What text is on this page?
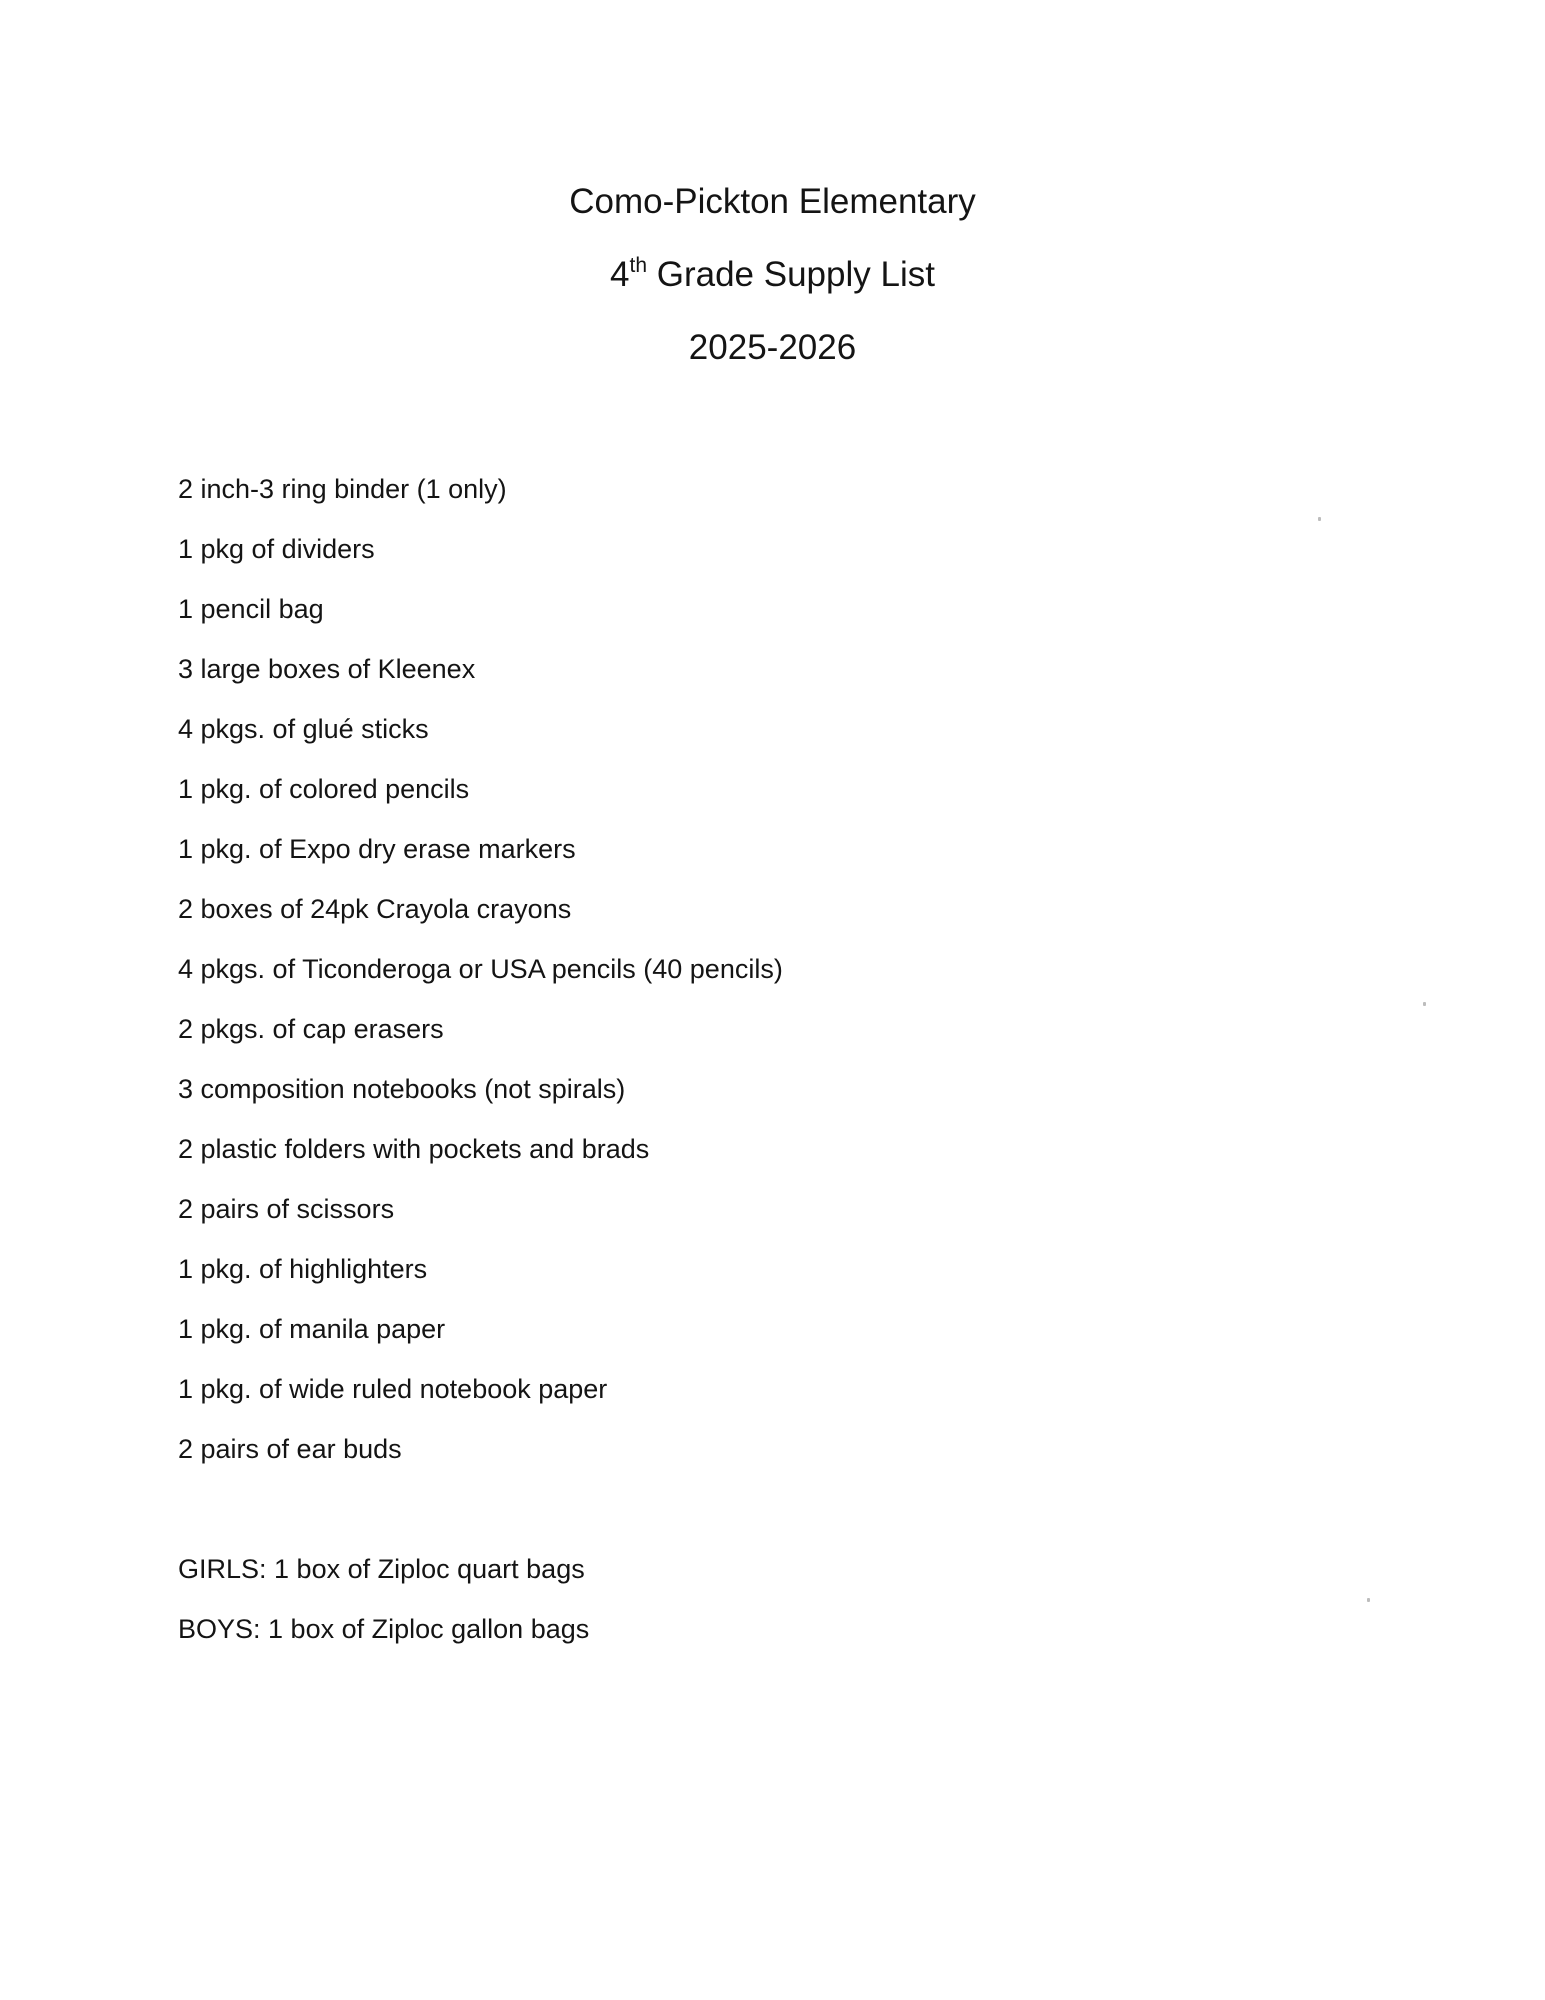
Como-Pickton Elementary
4th Grade Supply List
2025-2026
2 inch-3 ring binder (1 only)
1 pkg of dividers
1 pencil bag
3 large boxes of Kleenex
4 pkgs. of glué sticks
1 pkg. of colored pencils
1 pkg. of Expo dry erase markers
2 boxes of 24pk Crayola crayons
4 pkgs. of Ticonderoga or USA pencils (40 pencils)
2 pkgs. of cap erasers
3 composition notebooks (not spirals)
2 plastic folders with pockets and brads
2 pairs of scissors
1 pkg. of highlighters
1 pkg. of manila paper
1 pkg. of wide ruled notebook paper
2 pairs of ear buds
GIRLS: 1 box of Ziploc quart bags
BOYS: 1 box of Ziploc gallon bags
